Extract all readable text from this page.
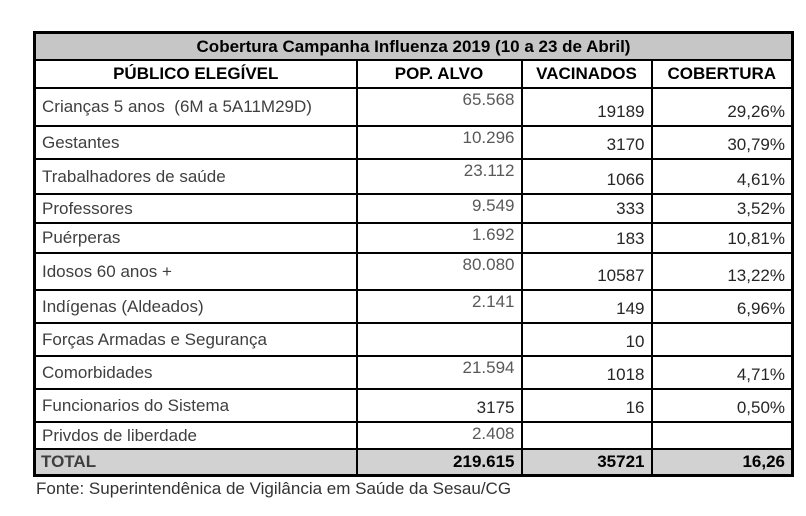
Cobertura Campanha Influenza 2019 (10 a 23 de Abril)			
PÚBLICO ELEGÍVEL	POP. ALVO	VACINADOS	COBERTURA
Crianças 5 anos  (6M a 5A11M29D)	65.568	19189	29,26%
Gestantes	10.296	3170	30,79%
Trabalhadores de saúde	23.112	1066	4,61%
Professores	9.549	333	3,52%
Puérperas	1.692	183	10,81%
Idosos 60 anos +	80.080	10587	13,22%
Indígenas (Aldeados)	2.141	149	6,96%
Forças Armadas e Segurança		10	
Comorbidades	21.594	1018	4,71%
Funcionarios do Sistema	3175	16	0,50%
Privdos de liberdade	2.408		
TOTAL	219.615	35721	16,26
Fonte: Superintendênica de Vigilância em Saúde da Sesau/CG
